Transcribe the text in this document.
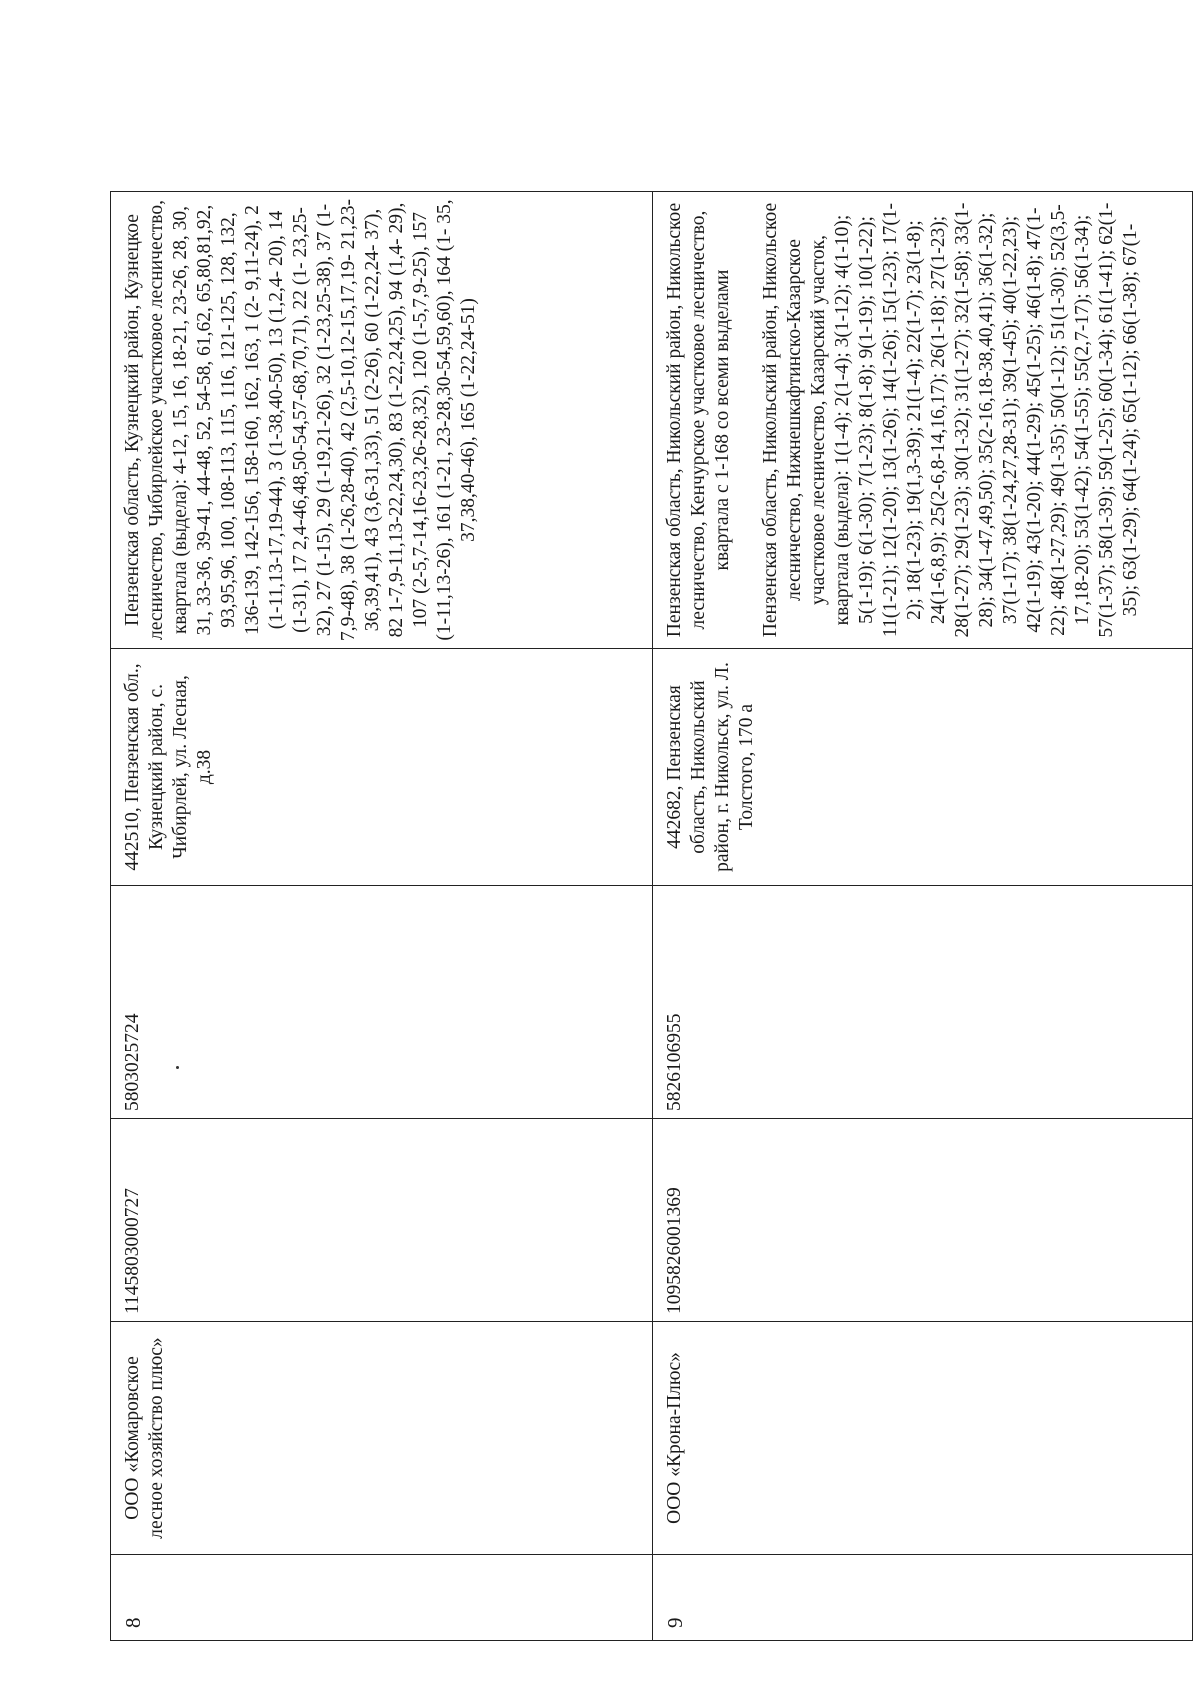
8	ООО «Комаровское лесное хозяйство плюс»	1145803000727	5803025724	442510, Пензенская обл., Кузнецкий район, с. Чибирлей, ул. Лесная, д.38	Пензенская область, Кузнецкий район, Кузнецкое лесничество, Чибирлейское участковое лесничество, квартала (выдела): 4-12, 15, 16, 18-21, 23-26, 28, 30, 31, 33-36, 39-41, 44-48, 52, 54-58, 61,62, 65,80,81,92, 93,95,96, 100, 108-113, 115, 116, 121-125, 128, 132, 136-139, 142-156, 158-160, 162, 163, 1 (2- 9,11-24), 2 (1-11,13-17,19-44), 3 (1-38,40-50), 13 (1,2,4- 20), 14 (1-31), 17 2,4-46,48,50-54,57-68,70,71), 22 (1- 23,25-32), 27 (1-15), 29 (1-19,21-26), 32 (1-23,25-38), 37 (1-7,9-48), 38 (1-26,28-40), 42 (2,5-10,12-15,17,19- 21,23-36,39,41), 43 (3,6-31,33), 51 (2-26), 60 (1-22,24- 37), 82 1-7,9-11,13-22,24,30), 83 (1-22,24,25), 94 (1,4- 29), 107 (2-5,7-14,16-23,26-28,32), 120 (1-5,7,9-25), 157 (1-11,13-26), 161 (1-21, 23-28,30-54,59,60), 164 (1- 35, 37,38,40-46), 165 (1-22,24-51)

9	ООО «Крона-Плюс»	1095826001369	5826106955	442682, Пензенская область, Никольский район, г. Никольск, ул. Л. Толстого, 170 а	Пензенская область, Никольский район, Никольское лесничество, Кенчурское участковое лесничество, квартала с 1-168 со всеми выделами Пензенская область, Никольский район, Никольское лесничество, Нижнешкафтинско-Казарское участковое лесничество, Казарский участок, квартала (выдела): 1(1-4); 2(1-4); 3(1-12); 4(1-10); 5(1-19); 6(1-30); 7(1-23); 8(1-8); 9(1-19); 10(1-22); 11(1-21); 12(1-20); 13(1-26); 14(1-26); 15(1-23); 17(1-2); 18(1-23); 19(1,3-39); 21(1-4); 22(1-7); 23(1-8); 24(1-6,8,9); 25(2-6,8-14,16,17); 26(1-18); 27(1-23); 28(1-27); 29(1-23); 30(1-32); 31(1-27); 32(1-58); 33(1-28); 34(1-47,49,50); 35(2-16,18-38,40,41); 36(1-32); 37(1-17); 38(1-24,27,28-31); 39(1-45); 40(1-22,23); 42(1-19); 43(1-20); 44(1-29); 45(1-25); 46(1-8); 47(1-22); 48(1-27,29); 49(1-35); 50(1-12); 51(1-30); 52(3,5-17,18-20); 53(1-42); 54(1-55); 55(2,7-17); 56(1-34); 57(1-37); 58(1-39); 59(1-25); 60(1-34); 61(1-41); 62(1-35); 63(1-29); 64(1-24); 65(1-12); 66(1-38); 67(1-
